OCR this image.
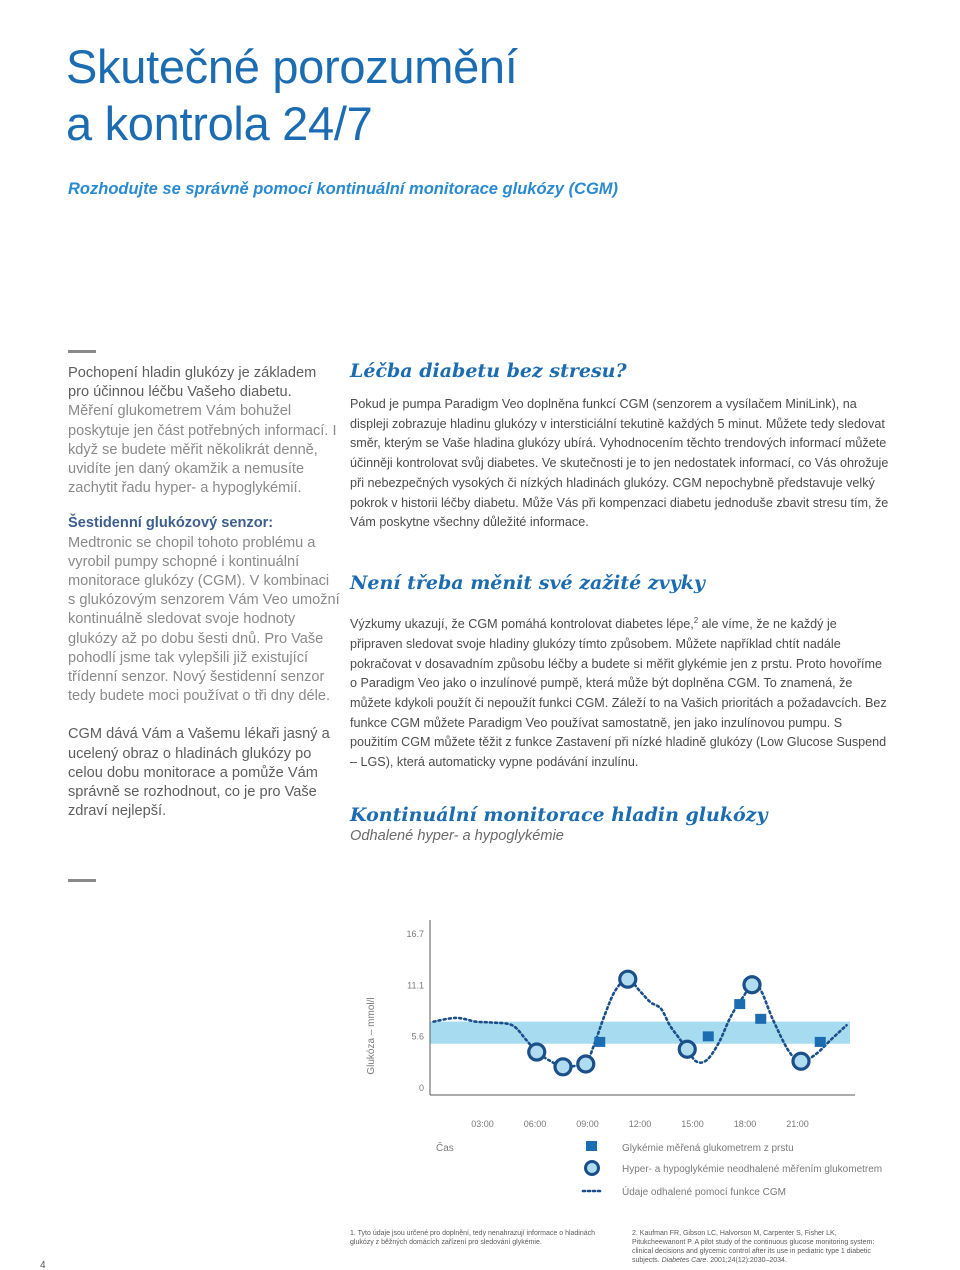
Skutečné porozumění
a kontrola 24/7
Rozhodujte se správně pomocí kontinuální monitorace glukózy (CGM)

Pochopení hladin glukózy je základem pro účinnou léčbu Vašeho diabetu. Měření glukometrem Vám bohužel poskytuje jen část potřebných informací. I když se budete měřit několikrát denně, uvidíte jen daný okamžik a nemusíte zachytit řadu hyper- a hypoglykémií.

Šestidenní glukózový senzor:

Medtronic se chopil tohoto problému a vyrobil pumpy schopné i kontinuální monitorace glukózy (CGM). V kombinaci s glukózovým senzorem Vám Veo umožní kontinuálně sledovat svoje hodnoty glukózy až po dobu šesti dnů. Pro Vaše pohodlí jsme tak vylepšili již existující třídenní senzor. Nový šestidenní senzor tedy budete moci používat o tři dny déle.

CGM dává Vám a Vašemu lékaři jasný a ucelený obraz o hladinách glukózy po celou dobu monitorace a pomůže Vám správně se rozhodnout, co je pro Vaše zdraví nejlepší.

Léčba diabetu bez stresu?

Pokud je pumpa Paradigm Veo doplněna funkcí CGM (senzorem a vysílačem MiniLink), na displeji zobrazuje hladinu glukózy v intersticiální tekutině každých 5 minut. Můžete tedy sledovat směr, kterým se Vaše hladina glukózy ubírá. Vyhodnocením těchto trendových informací můžete účinněji kontrolovat svůj diabetes. Ve skutečnosti je to jen nedostatek informací, co Vás ohrožuje při nebezpečných vysokých či nízkých hladinách glukózy. CGM nepochybně představuje velký pokrok v historii léčby diabetu. Může Vás při kompenzaci diabetu jednoduše zbavit stresu tím, že Vám poskytne všechny důležité informace.

Není třeba měnit své zažité zvyky

Výzkumy ukazují, že CGM pomáhá kontrolovat diabetes lépe,$^2$ ale víme, že ne každý je připraven sledovat svoje hladiny glukózy tímto způsobem. Můžete například chtít nadále pokračovat v dosavadním způsobu léčby a budete si měřit glykémie jen z prstu. Proto hovoříme o Paradigm Veo jako o inzulínové pumpě, která může být doplněna CGM. To znamená, že můžete kdykoli použít či nepoužít funkci CGM. Záleží to na Vašich prioritách a požadavcích. Bez funkce CGM můžete Paradigm Veo používat samostatně, jen jako inzulínovou pumpu. S použitím CGM můžete těžit z funkce Zastavení při nízké hladině glukózy (Low Glucose Suspend – LGS), která automaticky vypne podávání inzulínu.

Kontinuální monitorace hladin glukózy
Odhalené hyper- a hypoglykémie
Glukóza – mmol/l
0
5.6
11.1
16.7
03:00	06:00	09:00	12:00	15:00	18:00	21:00
Čas	Glykémie měřená glukometrem z prstu
Hyper- a hypoglykémie neodhalené měřením glukometrem
Údaje odhalené pomocí funkce CGM
1. Tyto údaje jsou určené pro doplnění, tedy nenahrazují informace o hladinách glukózy z běžných domácích zařízení pro sledování glykémie.
2. Kaufman FR, Gibson LC, Halvorson M, Carpenter S, Fisher LK, Pitukcheewanont P. A pilot study of the continuous glucose monitoring system: clinical decisions and glycemic control after its use in pediatric type 1 diabetic subjects. Diabetes Care. 2001;24(12):2030–2034.
4
